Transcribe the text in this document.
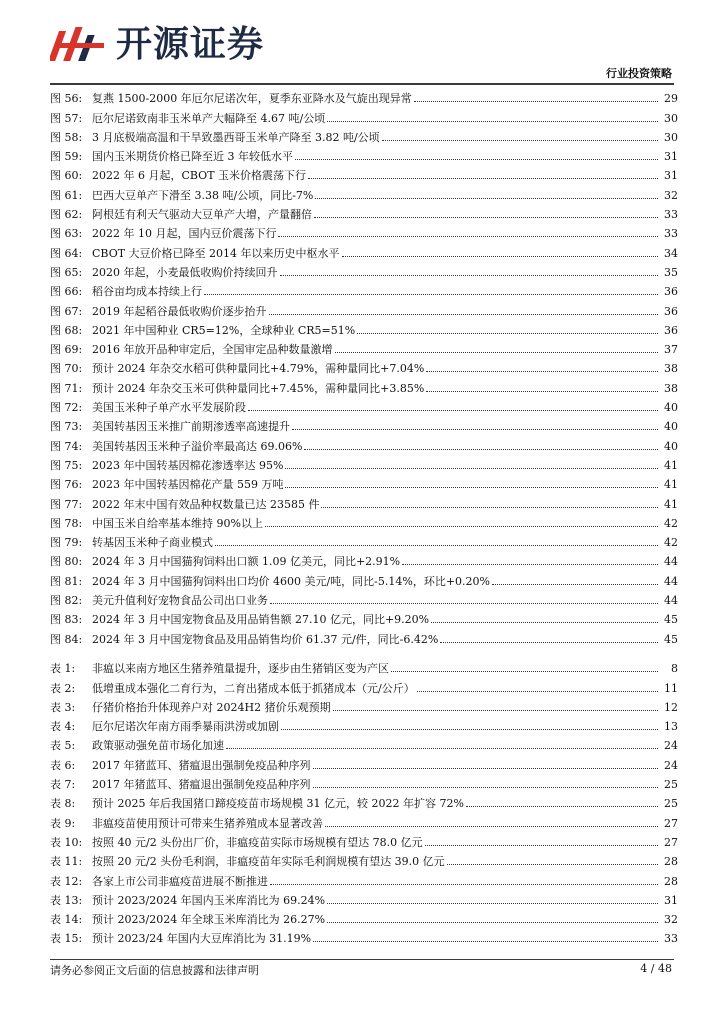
开源证券
行业投资策略
图 56: 复燕 1500-2000 年厄尔尼诺次年，夏季东亚降水及气旋出现异常	29
图 57: 厄尔尼诺致南非玉米单产大幅降至 4.67 吨/公顷	30
图 58: 3 月底极端高温和干旱致墨西哥玉米单产降至 3.82 吨/公顷	30
图 59: 国内玉米期货价格已降至近 3 年较低水平	31
图 60: 2022 年 6 月起，CBOT 玉米价格震荡下行	31
图 61: 巴西大豆单产下滑至 3.38 吨/公顷，同比-7%	32
图 62: 阿根廷有利天气驱动大豆单产大增，产量翻倍	33
图 63: 2022 年 10 月起，国内豆价震荡下行	33
图 64: CBOT 大豆价格已降至 2014 年以来历史中枢水平	34
图 65: 2020 年起，小麦最低收购价持续回升	35
图 66: 稻谷亩均成本持续上行	36
图 67: 2019 年起稻谷最低收购价逐步抬升	36
图 68: 2021 年中国种业 CR5=12%，全球种业 CR5=51%	36
图 69: 2016 年放开品种审定后，全国审定品种数量激增	37
图 70: 预计 2024 年杂交水稻可供种量同比+4.79%，需种量同比+7.04%	38
图 71: 预计 2024 年杂交玉米可供种量同比+7.45%，需种量同比+3.85%	38
图 72: 美国玉米种子单产水平发展阶段	40
图 73: 美国转基因玉米推广前期渗透率高速提升	40
图 74: 美国转基因玉米种子溢价率最高达 69.06%	40
图 75: 2023 年中国转基因棉花渗透率达 95%	41
图 76: 2023 年中国转基因棉花产量 559 万吨	41
图 77: 2022 年末中国有效品种权数量已达 23585 件	41
图 78: 中国玉米自给率基本维持 90%以上	42
图 79: 转基因玉米种子商业模式	42
图 80: 2024 年 3 月中国猫狗饲料出口额 1.09 亿美元，同比+2.91%	44
图 81: 2024 年 3 月中国猫狗饲料出口均价 4600 美元/吨，同比-5.14%，环比+0.20%	44
图 82: 美元升值利好宠物食品公司出口业务	44
图 83: 2024 年 3 月中国宠物食品及用品销售额 27.10 亿元，同比+9.20%	45
图 84: 2024 年 3 月中国宠物食品及用品销售均价 61.37 元/件，同比-6.42%	45
表 1:	非瘟以来南方地区生猪养殖量提升，逐步由生猪销区变为产区	8
表 2:	低增重成本强化二育行为，二育出猪成本低于抓猪成本（元/公斤）	11
表 3:	仔猪价格抬升体现养户对 2024H2 猪价乐观预期	12
表 4:	厄尔尼诺次年南方雨季暴雨洪涝或加剧	13
表 5:	政策驱动强免苗市场化加速	24
表 6:	2017 年猪蓝耳、猪瘟退出强制免疫品种序列	24
表 7:	2017 年猪蓝耳、猪瘟退出强制免疫品种序列	25
表 8:	预计 2025 年后我国猪口蹄疫疫苗市场规模 31 亿元，较 2022 年扩容 72%	25
表 9:	非瘟疫苗使用预计可带来生猪养殖成本显著改善	27
表 10: 按照 40 元/2 头份出厂价，非瘟疫苗实际市场规模有望达 78.0 亿元	27
表 11: 按照 20 元/2 头份毛利润，非瘟疫苗年实际毛利润规模有望达 39.0 亿元	28
表 12: 各家上市公司非瘟疫苗进展不断推进	28
表 13: 预计 2023/2024 年国内玉米库消比为 69.24%	31
表 14: 预计 2023/2024 年全球玉米库消比为 26.27%	32
表 15: 预计 2023/24 年国内大豆库消比为 31.19%	33
请务必参阅正文后面的信息披露和法律声明	4 / 48
